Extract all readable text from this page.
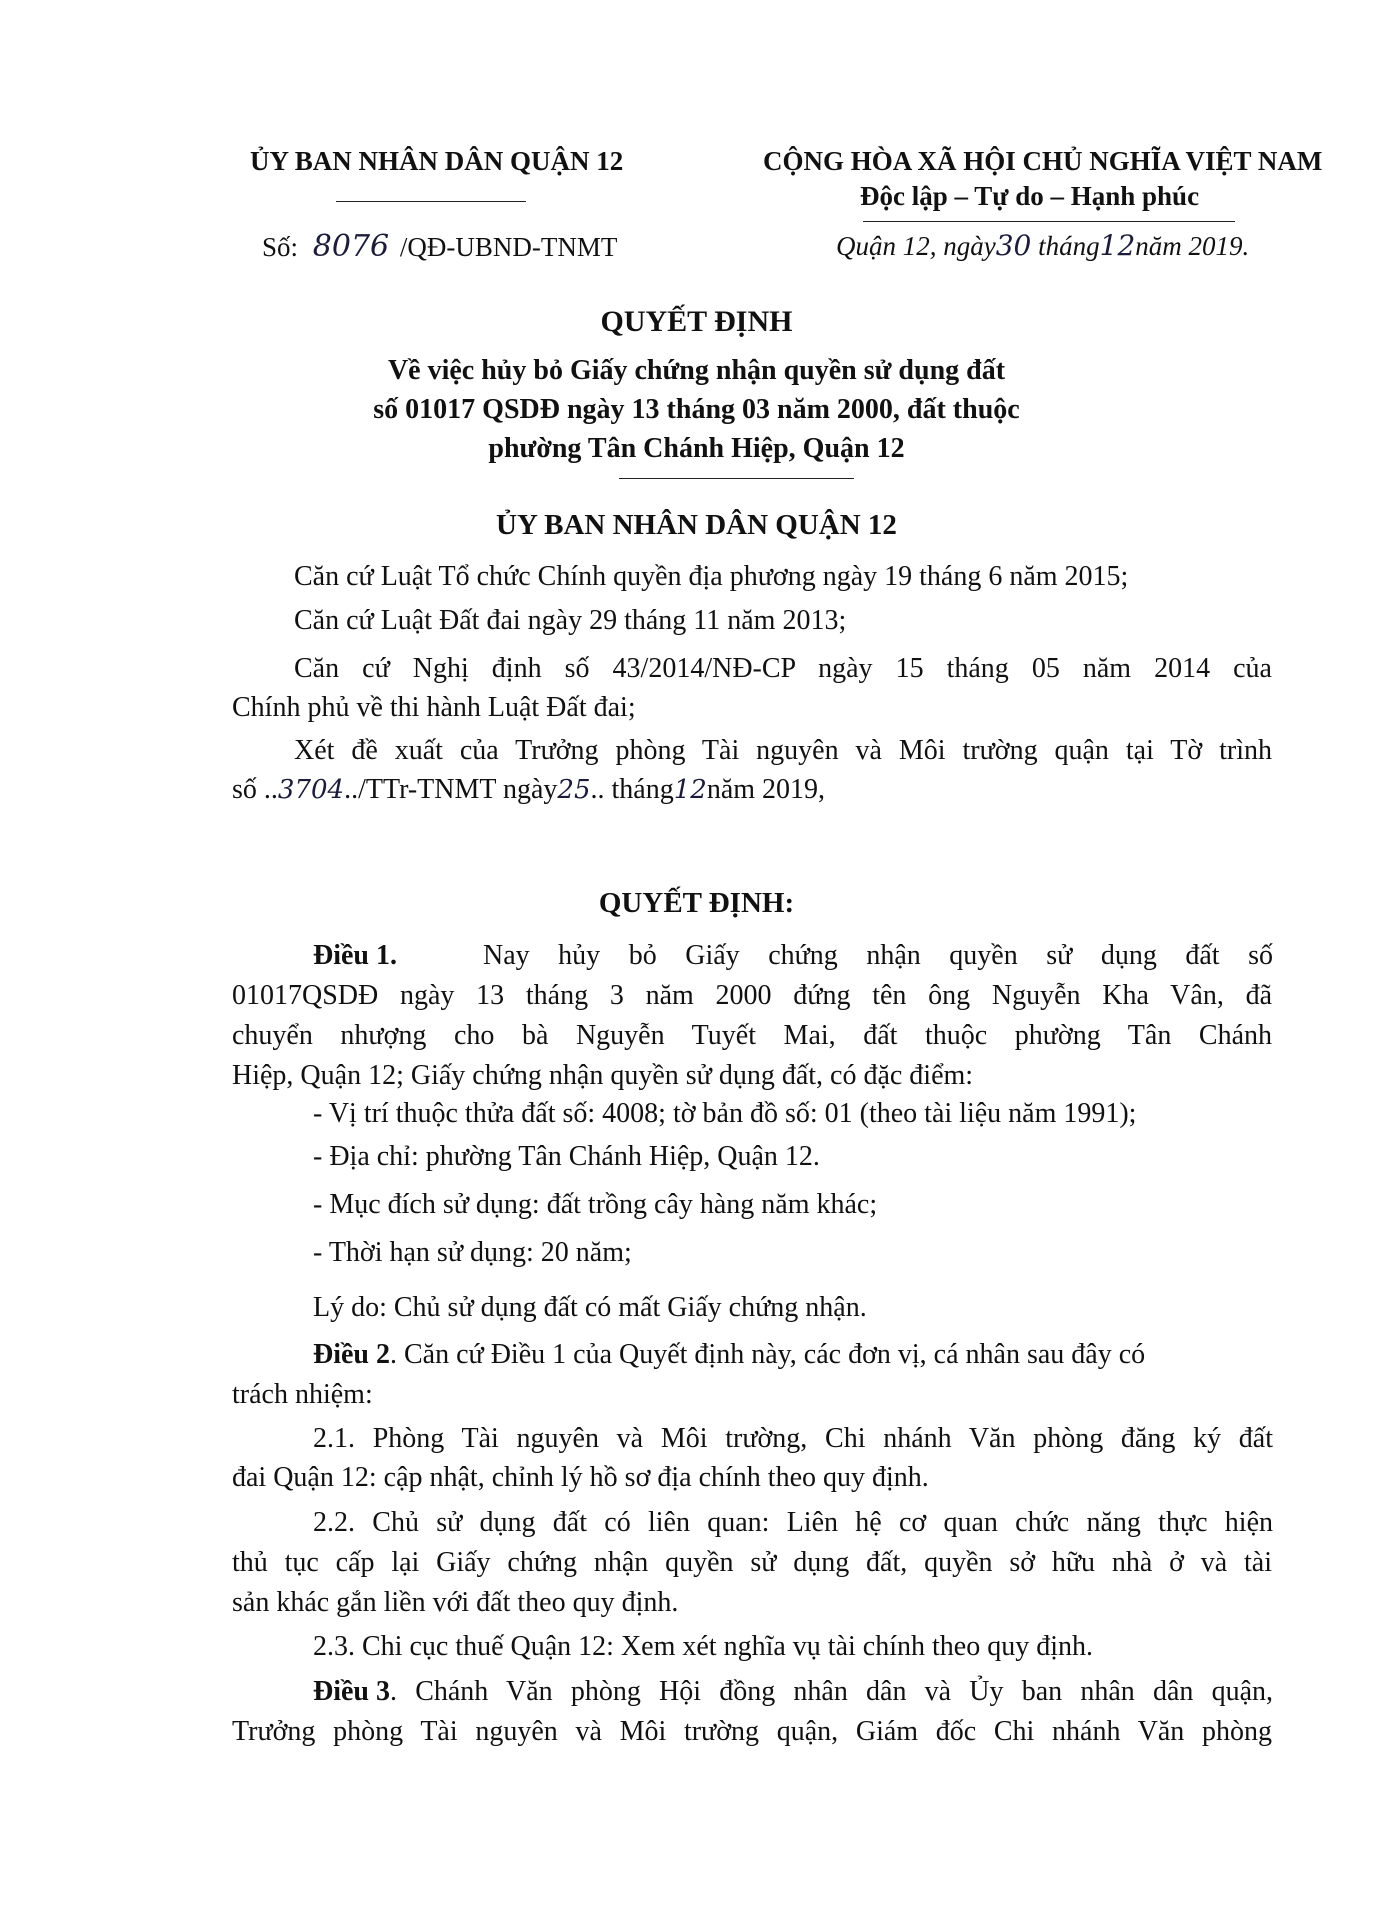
ỦY BAN NHÂN DÂN QUẬN 12
Số: 8076 /QĐ-UBND-TNMT
CỘNG HÒA XÃ HỘI CHỦ NGHĨA VIỆT NAM
Độc lập – Tự do – Hạnh phúc
Quận 12, ngày30 tháng12năm 2019.
QUYẾT ĐỊNH
Về việc hủy bỏ Giấy chứng nhận quyền sử dụng đất
số 01017 QSDĐ ngày 13 tháng 03 năm 2000, đất thuộc
phường Tân Chánh Hiệp, Quận 12
ỦY BAN NHÂN DÂN QUẬN 12
Căn cứ Luật Tổ chức Chính quyền địa phương ngày 19 tháng 6 năm 2015;
Căn cứ Luật Đất đai ngày 29 tháng 11 năm 2013;
Căn cứ Nghị định số 43/2014/NĐ-CP ngày 15 tháng 05 năm 2014 của
Chính phủ về thi hành Luật Đất đai;
Xét đề xuất của Trưởng phòng Tài nguyên và Môi trường quận tại Tờ trình
số ..3704../TTr-TNMT ngày25.. tháng12năm 2019,
QUYẾT ĐỊNH:
Điều 1.	Nay hủy bỏ Giấy chứng nhận quyền sử dụng đất số
01017QSDĐ ngày 13 tháng 3 năm 2000 đứng tên ông Nguyễn Kha Vân, đã
chuyển nhượng cho bà Nguyễn Tuyết Mai, đất thuộc phường Tân Chánh
Hiệp, Quận 12; Giấy chứng nhận quyền sử dụng đất, có đặc điểm:
- Vị trí thuộc thửa đất số: 4008; tờ bản đồ số: 01 (theo tài liệu năm 1991);
- Địa chỉ: phường Tân Chánh Hiệp, Quận 12.
- Mục đích sử dụng: đất trồng cây hàng năm khác;
- Thời hạn sử dụng: 20 năm;
Lý do: Chủ sử dụng đất có mất Giấy chứng nhận.
Điều 2. Căn cứ Điều 1 của Quyết định này, các đơn vị, cá nhân sau đây có
trách nhiệm:
2.1. Phòng Tài nguyên và Môi trường, Chi nhánh Văn phòng đăng ký đất
đai Quận 12: cập nhật, chỉnh lý hồ sơ địa chính theo quy định.
2.2. Chủ sử dụng đất có liên quan: Liên hệ cơ quan chức năng thực hiện
thủ tục cấp lại Giấy chứng nhận quyền sử dụng đất, quyền sở hữu nhà ở và tài
sản khác gắn liền với đất theo quy định.
2.3. Chi cục thuế Quận 12: Xem xét nghĩa vụ tài chính theo quy định.
Điều 3 . Chánh Văn phòng Hội đồng nhân dân và Ủy ban nhân dân quận,
Trưởng phòng Tài nguyên và Môi trường quận, Giám đốc Chi nhánh Văn phòng
